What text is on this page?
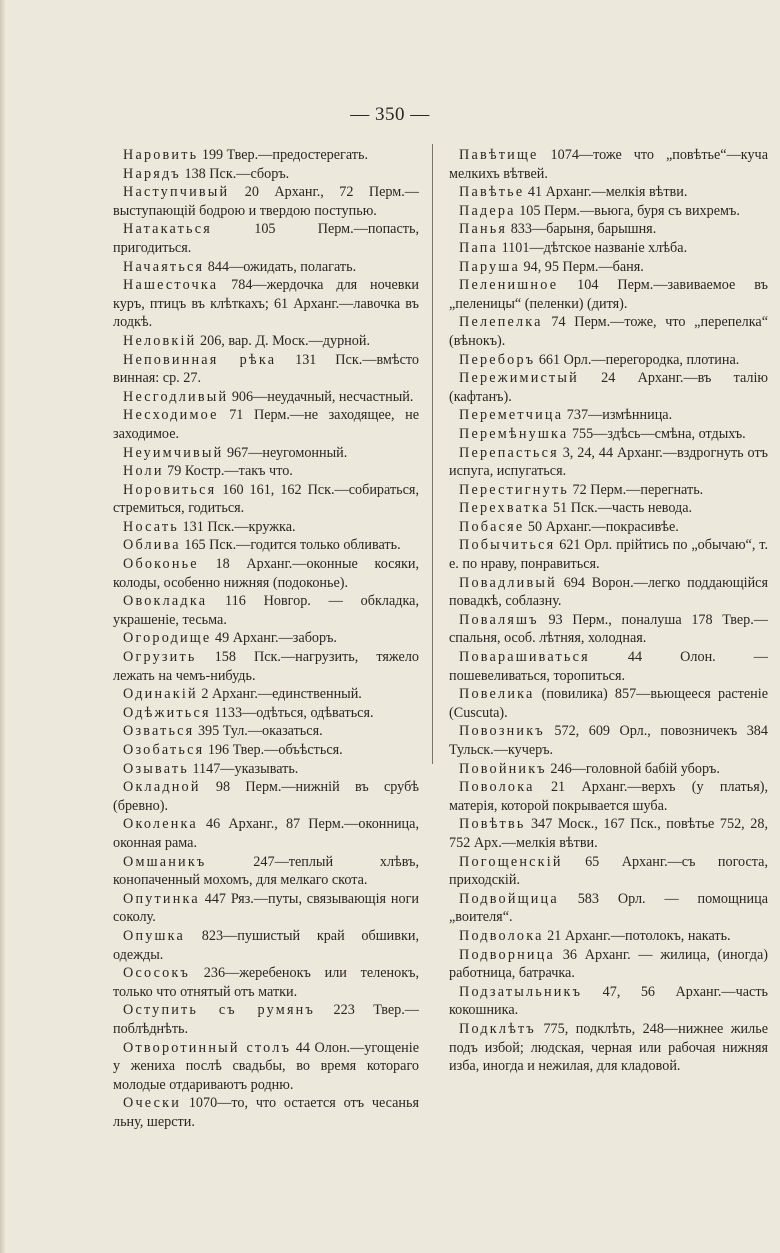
— 350 —

Наровить 199 Твер.—предостерегать.

Нарядъ 138 Пск.—сборъ.

Наступчивый 20 Арханг., 72 Перм.—выступающій бодрою и твердою поступью.

Натакаться 105 Перм.—попасть, пригодиться.

Начаяться 844—ожидать, полагать.

Нашесточка 784—жердочка для ночевки куръ, птицъ въ клѣткахъ; 61 Арханг.—лавочка въ лодкѣ.

Неловкій 206, вар. Д. Моск.—дурной.

Неповинная рѣка 131 Пск.—вмѣсто винная: ср. 27.

Несгодливый 906—неудачный, несчастный.

Несходимое 71 Перм.—не заходящее, не заходимое.

Неуимчивый 967—неугомонный.

Ноли 79 Костр.—такъ что.

Норовиться 160 161, 162 Пск.—собираться, стремиться, годиться.

Носать 131 Пск.—кружка.

Облива 165 Пск.—годится только обливать.

Обоконье 18 Арханг.—оконные косяки, колоды, особенно нижняя (подоконье).

Овокладка 116 Новгор. — обкладка, украшеніе, тесьма.

Огородище 49 Арханг.—заборъ.

Огрузить 158 Пск.—нагрузить, тяжело лежать на чемъ-нибудь.

Одинакій 2 Арханг.—единственный.

Одѣжиться 1133—одѣться, одѣваться.

Озваться 395 Тул.—оказаться.

Озобаться 196 Твер.—объѣсться.

Озывать 1147—указывать.

Окладной 98 Перм.—нижній въ срубѣ (бревно).

Околенка 46 Арханг., 87 Перм.—оконница, оконная рама.

Омшаникъ 247—теплый хлѣвъ, конопаченный мохомъ, для мелкаго скота.

Опутинка 447 Ряз.—путы, связывающія ноги соколу.

Опушка 823—пушистый край обшивки, одежды.

Ососокъ 236—жеребенокъ или теленокъ, только что отнятый отъ матки.

Оступить съ румянъ 223 Твер.—поблѣднѣть.

Отворотинный столъ 44 Олон.—угощеніе у жениха послѣ свадьбы, во время котораго молодые отдариваютъ родню.

Очески 1070—то, что остается отъ чесанья льну, шерсти.

Павѣтище 1074—тоже что „повѣтье“—куча мелкихъ вѣтвей.

Павѣтье 41 Арханг.—мелкія вѣтви.

Падера 105 Перм.—вьюга, буря съ вихремъ.

Панья 833—барыня, барышня.

Папа 1101—дѣтское названіе хлѣба.

Паруша 94, 95 Перм.—баня.

Пеленишное 104 Перм.—завиваемое въ „пеленицы“ (пеленки) (дитя).

Пелепелка 74 Перм.—тоже, что „перепелка“ (вѣнокъ).

Переборъ 661 Орл.—перегородка, плотина.

Пережимистый 24 Арханг.—въ талію (кафтанъ).

Переметчица 737—измѣнница.

Перемѣнушка 755—здѣсь—смѣна, отдыхъ.

Перепасться 3, 24, 44 Арханг.—вздрогнуть отъ испуга, испугаться.

Перестигнуть 72 Перм.—перегнать.

Перехватка 51 Пск.—часть невода.

Побасяе 50 Арханг.—покрасивѣе.

Побычиться 621 Орл. прійтись по „обычаю“, т. е. по нраву, понравиться.

Повадливый 694 Ворон.—легко поддающійся повадкѣ, соблазну.

Поваляшъ 93 Перм., поналуша 178 Твер.—спальня, особ. лѣтняя, холодная.

Поварашиваться 44 Олон. — пошевеливаться, торопиться.

Повелика (повилика) 857—вьющееся растеніе (Cuscuta).

Повозникъ 572, 609 Орл., повозничекъ 384 Тульск.—кучеръ.

Повойникъ 246—головной бабій уборъ.

Поволока 21 Арханг.—верхъ (у платья), матерія, которой покрывается шуба.

Повѣтвь 347 Моск., 167 Пск., повѣтье 752, 28, 752 Арх.—мелкія вѣтви.

Погощенскій 65 Арханг.—съ погоста, приходскій.

Подвойщица 583 Орл. — помощница „воителя“.

Подволока 21 Арханг.—потолокъ, накать.

Подворница 36 Арханг. — жилица, (иногда) работница, батрачка.

Подзатыльникъ 47, 56 Арханг.—часть кокошника.

Подклѣтъ 775, подклѣть, 248—нижнее жилье подъ избой; людская, черная или рабочая нижняя изба, иногда и нежилая, для кладовой.
